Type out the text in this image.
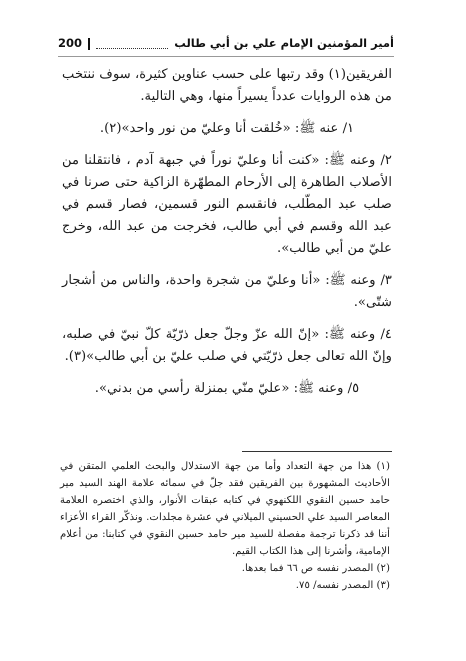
200	أمير المؤمنين الإمام علي بن أبي طالب

الفريقين(١) وقد رتبها على حسب عناوين كثيرة، سوف ننتخب من هذه الروايات عدداً يسيراً منها، وهي التالية.

١/ عنه ﷺ: «خُلقت أنا وعليّ من نور واحد»(٢).

٢/ وعنه ﷺ: «كنت أنا وعليّ نوراً في جبهة آدم ، فانتقلنا من الأصلاب الطاهرة إلى الأرحام المطهّرة الزاكية حتى صرنا في صلب عبد المطّلب، فانقسم النور قسمين، فصار قسم في عبد الله وقسم في أبي طالب، فخرجت من عبد الله، وخرج عليّ من أبي طالب».

٣/ وعنه ﷺ: «أنا وعليّ من شجرة واحدة، والناس من أشجار شتّى».

٤/ وعنه ﷺ: «إنّ الله عزّ وجلّ جعل ذرّيّة كلّ نبيّ في صلبه، وإنّ الله تعالى جعل ذرّيّتي في صلب عليّ بن أبي طالب»(٣).

٥/ وعنه ﷺ: «عليّ منّي بمنزلة رأسي من بدني».

(١) هذا من جهة التعداد وأما من جهة الاستدلال والبحث العلمي المتقن في الأحاديث المشهورة بين الفريقين فقد جلّ في سمائه علامة الهند السيد مير حامد حسين النقوي اللكنهوي في كتابه عبقات الأنوار، والذي اختصره العلامة المعاصر السيد علي الحسيني الميلاني في عشرة مجلدات. ونذكّر القراء الأعزاء أننا قد ذكرنا ترجمة مفصلة للسيد مير حامد حسين النقوي في كتابنا: من أعلام الإمامية، وأشرنا إلى هذا الكتاب القيم.

(٢) المصدر نفسه ص ٦٦ فما بعدها.

(٣) المصدر نفسه/ ٧٥.
